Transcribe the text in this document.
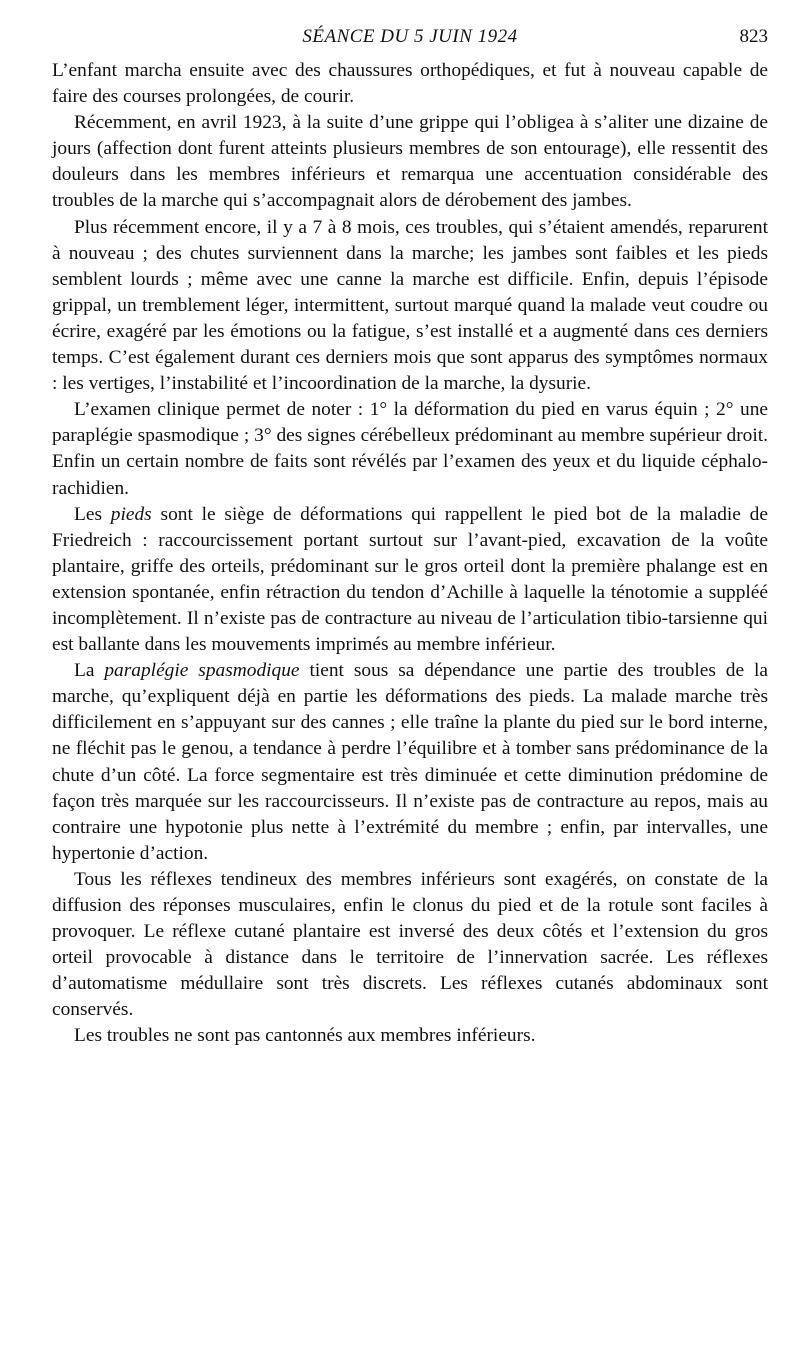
SÉANCE DU 5 JUIN 1924	823

L’enfant marcha ensuite avec des chaussures orthopédiques, et fut à nouveau capable de faire des courses prolongées, de courir.

Récemment, en avril 1923, à la suite d’une grippe qui l’obligea à s’aliter une dizaine de jours (affection dont furent atteints plusieurs membres de son entourage), elle ressentit des douleurs dans les membres inférieurs et remarqua une accentuation considérable des troubles de la marche qui s’accompagnait alors de dérobement des jambes.

Plus récemment encore, il y a 7 à 8 mois, ces troubles, qui s’étaient amendés, reparurent à nouveau ; des chutes surviennent dans la marche; les jambes sont faibles et les pieds semblent lourds ; même avec une canne la marche est difficile. Enfin, depuis l’épisode grippal, un tremblement léger, intermittent, surtout marqué quand la malade veut coudre ou écrire, exagéré par les émotions ou la fatigue, s’est installé et a augmenté dans ces derniers temps. C’est également durant ces derniers mois que sont apparus des symptômes normaux : les vertiges, l’instabilité et l’incoordination de la marche, la dysurie.

L’examen clinique permet de noter : 1° la déformation du pied en varus équin ; 2° une paraplégie spasmodique ; 3° des signes cérébelleux prédominant au membre supérieur droit. Enfin un certain nombre de faits sont révélés par l’examen des yeux et du liquide céphalo-rachidien.

Les pieds sont le siège de déformations qui rappellent le pied bot de la maladie de Friedreich : raccourcissement portant surtout sur l’avant-pied, excavation de la voûte plantaire, griffe des orteils, prédominant sur le gros orteil dont la première phalange est en extension spontanée, enfin rétraction du tendon d’Achille à laquelle la ténotomie a suppléé incomplètement. Il n’existe pas de contracture au niveau de l’articulation tibio-tarsienne qui est ballante dans les mouvements imprimés au membre inférieur.

La paraplégie spasmodique tient sous sa dépendance une partie des troubles de la marche, qu’expliquent déjà en partie les déformations des pieds. La malade marche très difficilement en s’appuyant sur des cannes ; elle traîne la plante du pied sur le bord interne, ne fléchit pas le genou, a tendance à perdre l’équilibre et à tomber sans prédominance de la chute d’un côté. La force segmentaire est très diminuée et cette diminution prédomine de façon très marquée sur les raccourcisseurs. Il n’existe pas de contracture au repos, mais au contraire une hypotonie plus nette à l’extrémité du membre ; enfin, par intervalles, une hypertonie d’action.

Tous les réflexes tendineux des membres inférieurs sont exagérés, on constate de la diffusion des réponses musculaires, enfin le clonus du pied et de la rotule sont faciles à provoquer. Le réflexe cutané plantaire est inversé des deux côtés et l’extension du gros orteil provocable à distance dans le territoire de l’innervation sacrée. Les réflexes d’automatisme médullaire sont très discrets. Les réflexes cutanés abdominaux sont conservés.

Les troubles ne sont pas cantonnés aux membres inférieurs.
